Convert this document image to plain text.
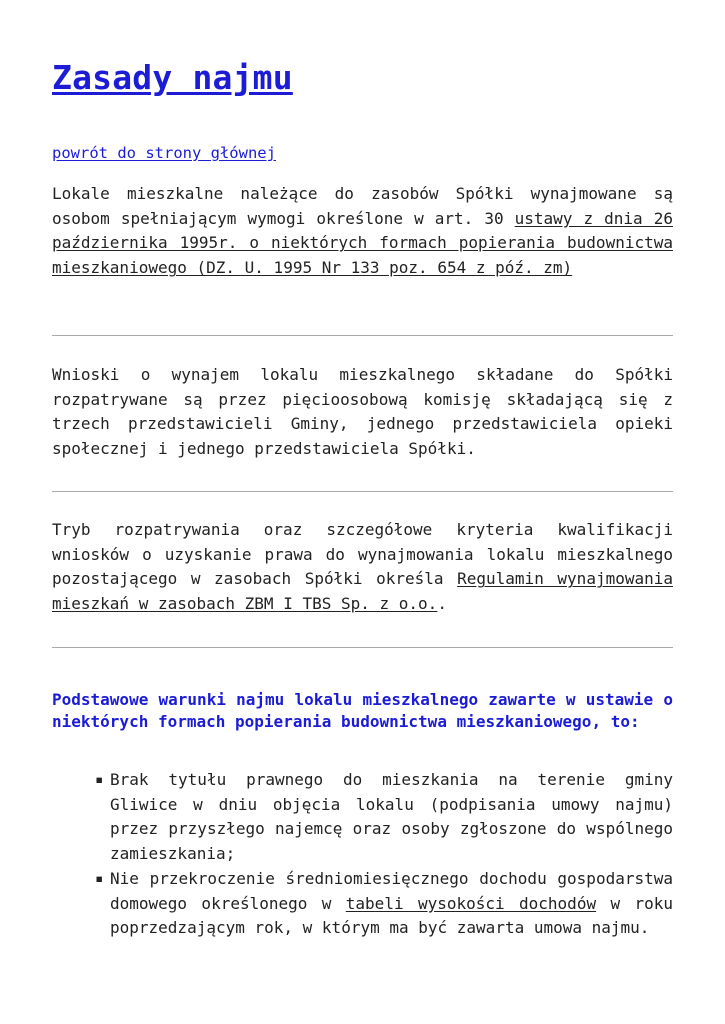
Zasady najmu
powrót do strony głównej

Lokale mieszkalne należące do zasobów Spółki wynajmowane są osobom spełniającym wymogi określone w art. 30 ustawy z dnia 26 października 1995r. o niektórych formach popierania budownictwa mieszkaniowego (DZ. U. 1995 Nr 133 poz. 654 z póź. zm)

Wnioski o wynajem lokalu mieszkalnego składane do Spółki rozpatrywane są przez pięcioosobową komisję składającą się z trzech przedstawicieli Gminy, jednego przedstawiciela opieki społecznej i jednego przedstawiciela Spółki.

Tryb rozpatrywania oraz szczegółowe kryteria kwalifikacji wniosków o uzyskanie prawa do wynajmowania lokalu mieszkalnego pozostającego w zasobach Spółki określa Regulamin wynajmowania mieszkań w zasobach ZBM I TBS Sp. z o.o..

Podstawowe warunki najmu lokalu mieszkalnego zawarte w ustawie o niektórych formach popierania budownictwa mieszkaniowego, to:

▪ Brak tytułu prawnego do mieszkania na terenie gminy Gliwice w dniu objęcia lokalu (podpisania umowy najmu) przez przyszłego najemcę oraz osoby zgłoszone do wspólnego zamieszkania;
▪ Nie przekroczenie średniomiesięcznego dochodu gospodarstwa domowego określonego w tabeli wysokości dochodów w roku poprzedzającym rok, w którym ma być zawarta umowa najmu.
